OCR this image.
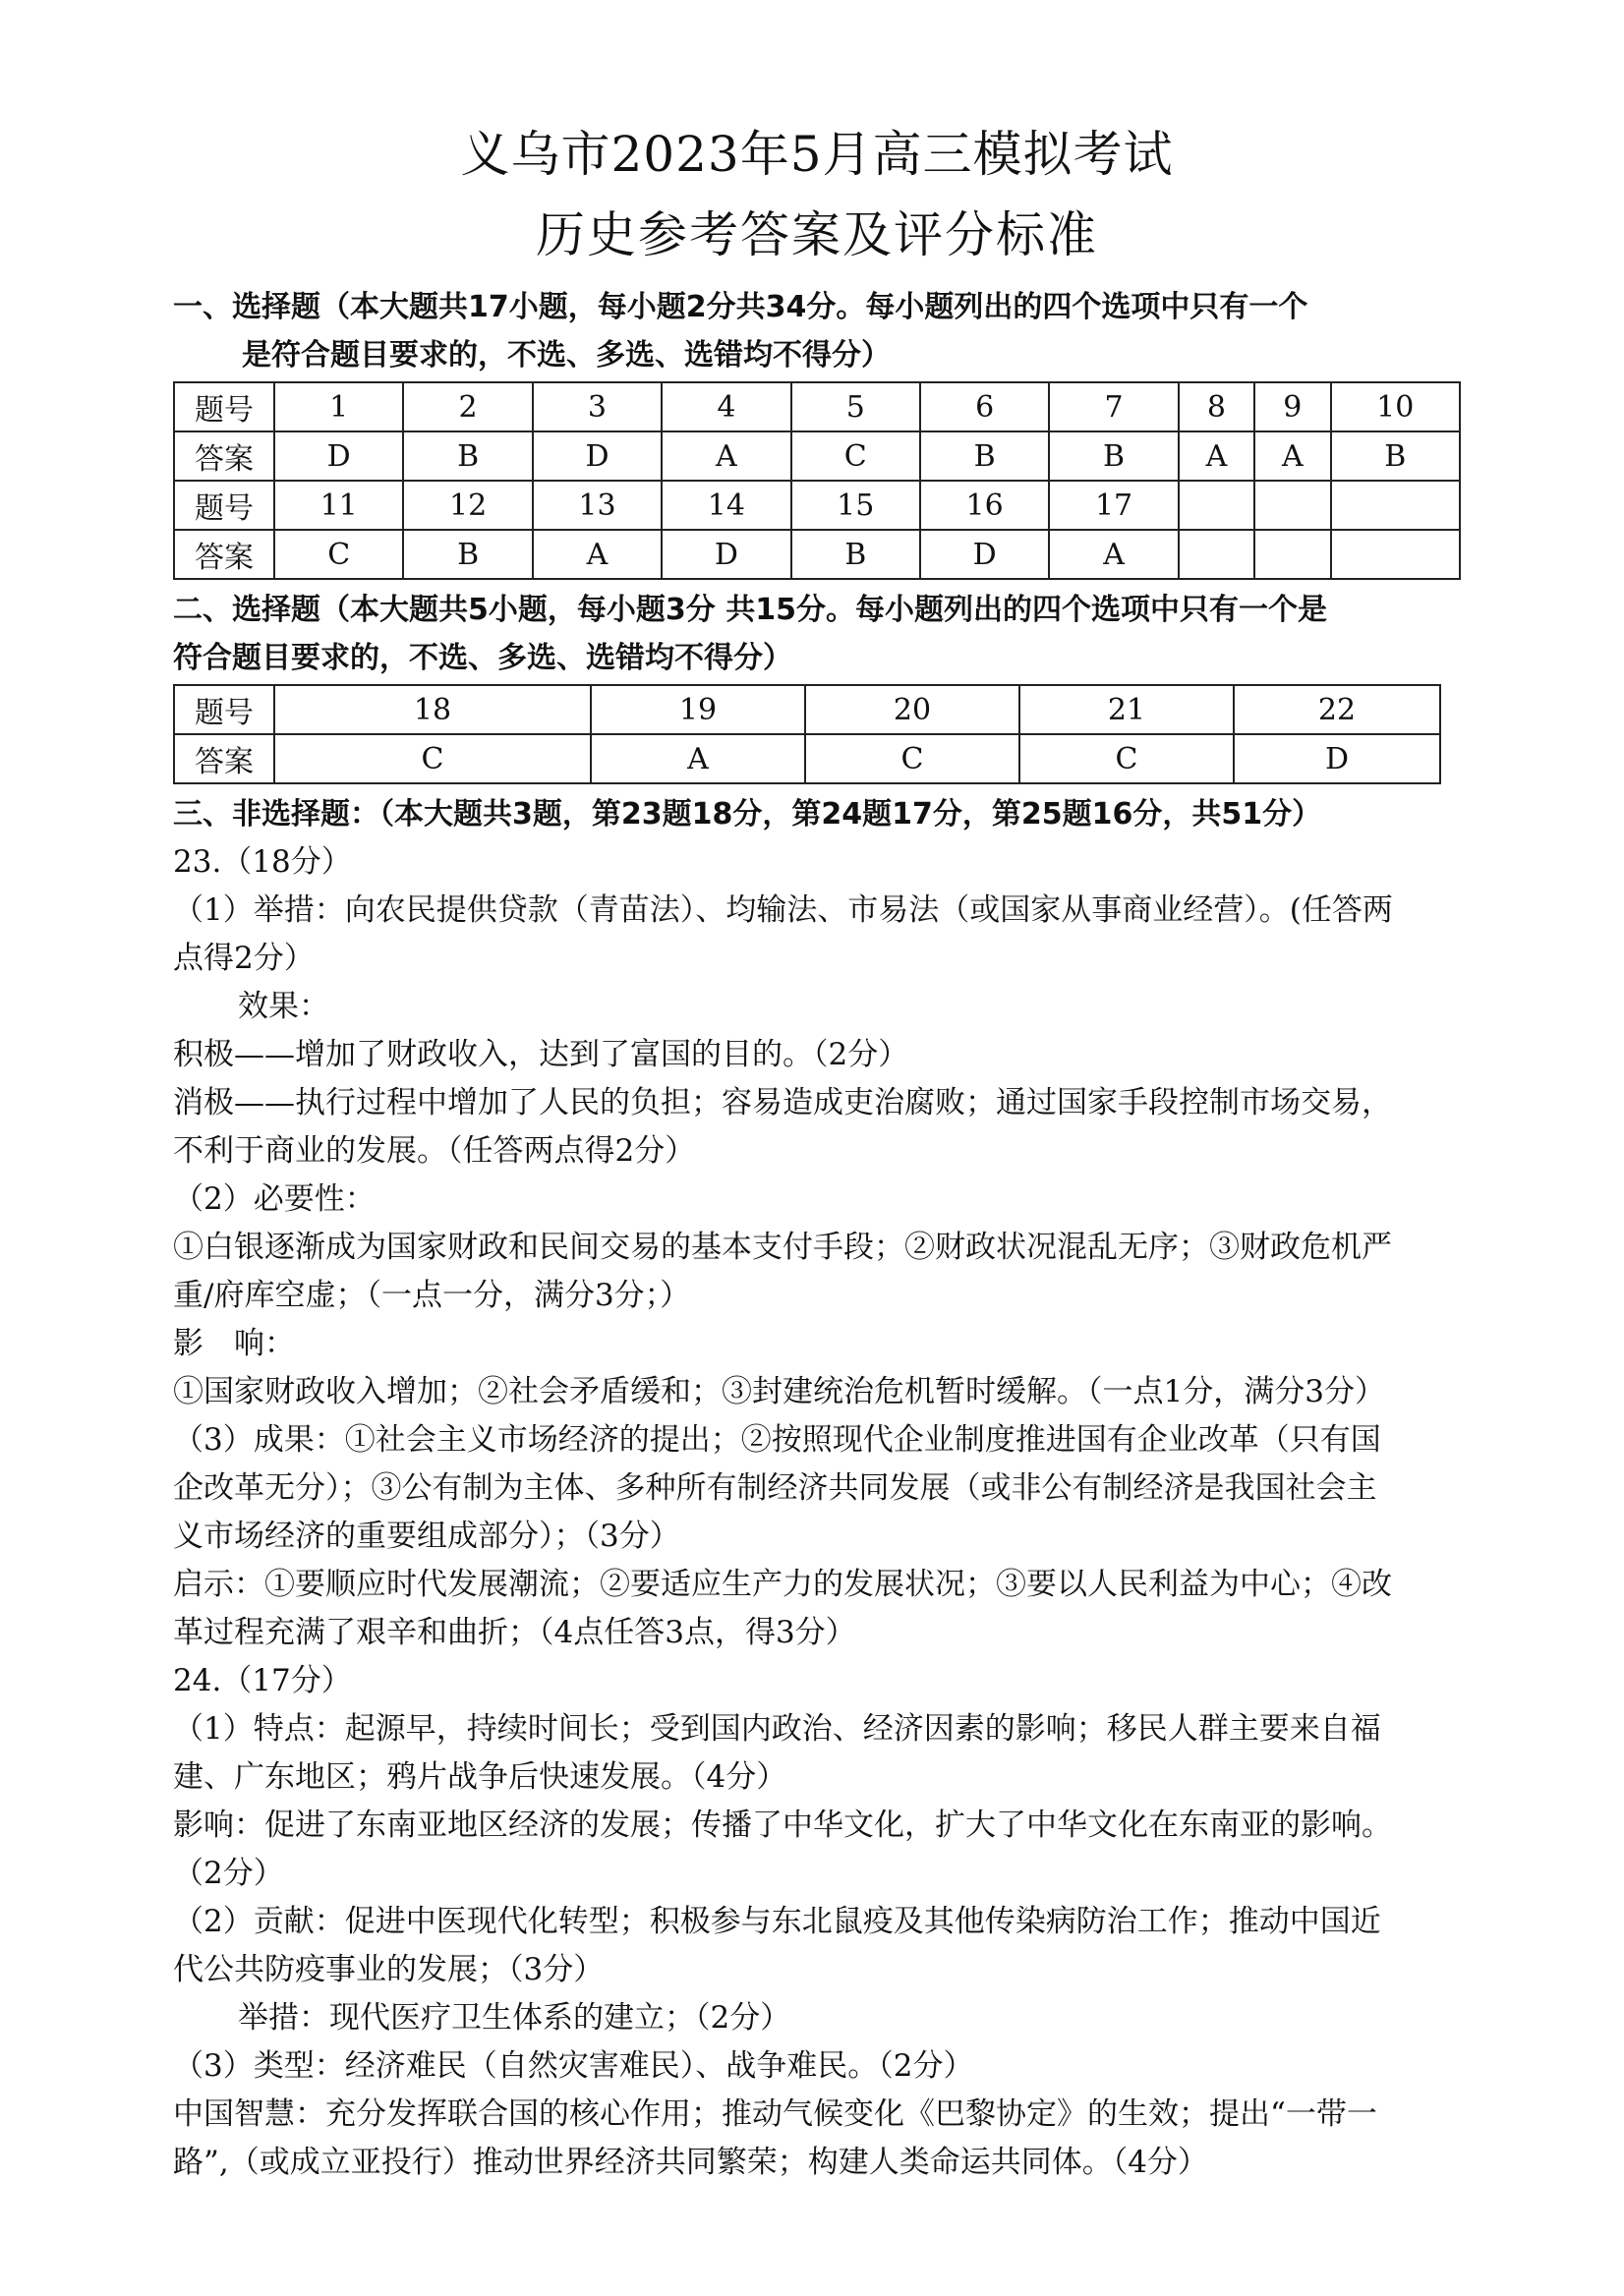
义乌市2023年5月高三模拟考试
历史参考答案及评分标准

一、选择题（本大题共17小题，每小题2分共34分。每小题列出的四个选项中只有一个

是符合题目要求的，不选、多选、选错均不得分）

题号	1	2	3	4	5	6	7	8	9	10
答案	D	B	D	A	C	B	B	A	A	B
题号	11	12	13	14	15	16	17			
答案	C	B	A	D	B	D	A			

二、选择题（本大题共5小题，每小题3分 共15分。每小题列出的四个选项中只有一个是

符合题目要求的，不选、多选、选错均不得分）

题号	18	19	20	21	22
答案	C	A	C	C	D

三、非选择题：（本大题共3题，第23题18分，第24题17分，第25题16分，共51分）

23.（18分）

（1）举措：向农民提供贷款（青苗法）、均输法、市易法（或国家从事商业经营）。(任答两

点得2分）

效果：

积极——增加了财政收入，达到了富国的目的。（2分）

消极——执行过程中增加了人民的负担；容易造成吏治腐败；通过国家手段控制市场交易，

不利于商业的发展。（任答两点得2分）

（2）必要性：

①白银逐渐成为国家财政和民间交易的基本支付手段；②财政状况混乱无序；③财政危机严

重/府库空虚；（一点一分，满分3分；）

影　响：

①国家财政收入增加；②社会矛盾缓和；③封建统治危机暂时缓解。（一点1分，满分3分）

（3）成果：①社会主义市场经济的提出；②按照现代企业制度推进国有企业改革（只有国

企改革无分）；③公有制为主体、多种所有制经济共同发展（或非公有制经济是我国社会主

义市场经济的重要组成部分）；（3分）

启示：①要顺应时代发展潮流；②要适应生产力的发展状况；③要以人民利益为中心；④改

革过程充满了艰辛和曲折；（4点任答3点，得3分）

24.（17分）

（1）特点：起源早，持续时间长；受到国内政治、经济因素的影响；移民人群主要来自福

建、广东地区；鸦片战争后快速发展。（4分）

影响：促进了东南亚地区经济的发展；传播了中华文化，扩大了中华文化在东南亚的影响。

（2分）

（2）贡献：促进中医现代化转型；积极参与东北鼠疫及其他传染病防治工作；推动中国近

代公共防疫事业的发展；（3分）

举措：现代医疗卫生体系的建立；（2分）

（3）类型：经济难民（自然灾害难民）、战争难民。（2分）

中国智慧：充分发挥联合国的核心作用；推动气候变化《巴黎协定》的生效；提出“一带一

路”,（或成立亚投行）推动世界经济共同繁荣；构建人类命运共同体。（4分）
